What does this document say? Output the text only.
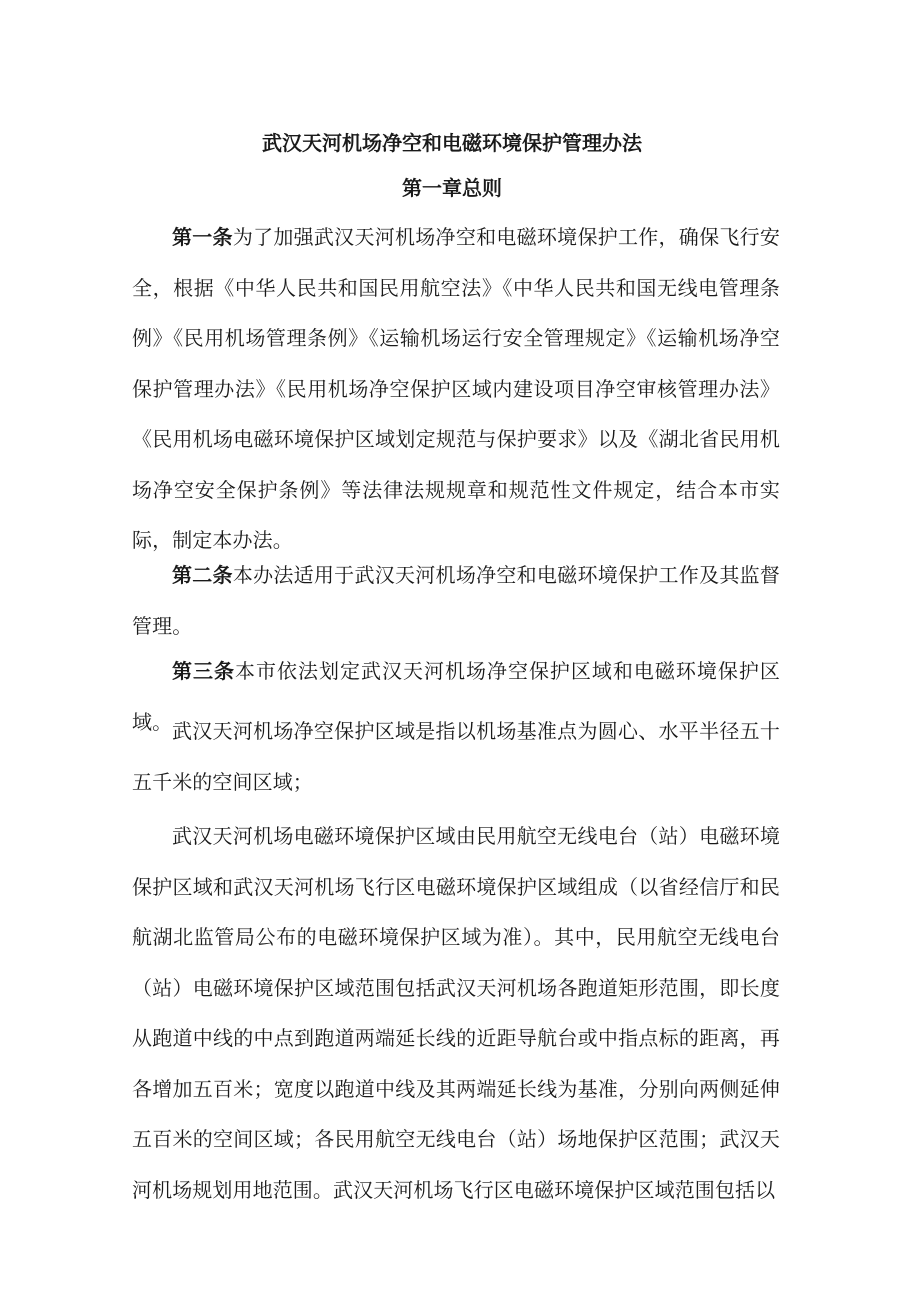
武汉天河机场净空和电磁环境保护管理办法
第一章总则

第一条为了加强武汉天河机场净空和电磁环境保护工作，确保飞行安全，根据《中华人民共和国民用航空法》《中华人民共和国无线电管理条例》《民用机场管理条例》《运输机场运行安全管理规定》《运输机场净空保护管理办法》《民用机场净空保护区域内建设项目净空审核管理办法》《民用机场电磁环境保护区域划定规范与保护要求》以及《湖北省民用机场净空安全保护条例》等法律法规规章和规范性文件规定，结合本市实际，制定本办法。

第二条本办法适用于武汉天河机场净空和电磁环境保护工作及其监督管理。

第三条本市依法划定武汉天河机场净空保护区域和电磁环境保护区域。 武汉天河机场净空保护区域是指以机场基准点为圆心、水平半径五十五千米的空间区域；

武汉天河机场电磁环境保护区域由民用航空无线电台（站）电磁环境保护区域和武汉天河机场飞行区电磁环境保护区域组成（以省经信厅和民航湖北监管局公布的电磁环境保护区域为准）。其中，民用航空无线电台（站）电磁环境保护区域范围包括武汉天河机场各跑道矩形范围，即长度从跑道中线的中点到跑道两端延长线的近距导航台或中指点标的距离，再各增加五百米；宽度以跑道中线及其两端延长线为基准，分别向两侧延伸五百米的空间区域；各民用航空无线电台（站）场地保护区范围；武汉天河机场规划用地范围。武汉天河机场飞行区电磁环境保护区域范围包括以
